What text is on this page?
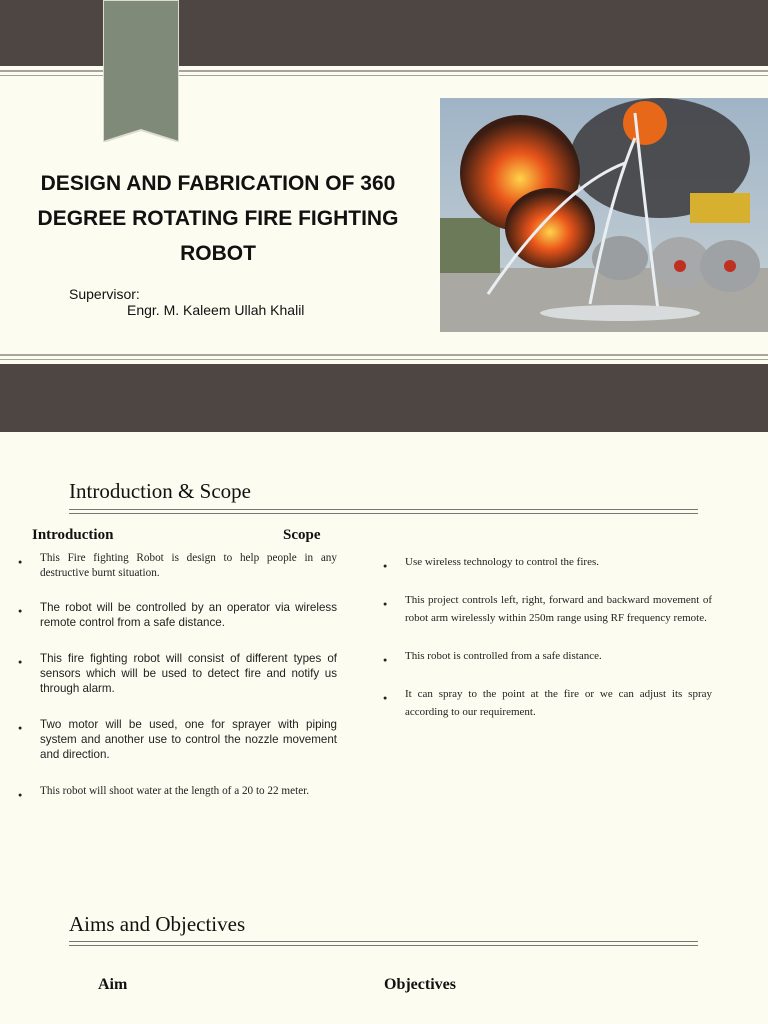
DESIGN AND FABRICATION OF 360 DEGREE ROTATING FIRE FIGHTING ROBOT
Supervisor:
Engr. M. Kaleem Ullah Khalil
Introduction & Scope
Introduction	Scope
● This Fire fighting Robot is design to help people in any destructive burnt situation.
● The robot will be controlled by an operator via wireless remote control from a safe distance.
● This fire fighting robot will consist of different types of sensors which will be used to detect fire and notify us through alarm.
● Two motor will be used, one for sprayer with piping system and another use to control the nozzle movement and direction.
● This robot will shoot water at the length of a 20 to 22 meter.
● Use wireless technology to control the fires.
● This project controls left, right, forward and backward movement of robot arm wirelessly within 250m range using RF frequency remote.
● This robot is controlled from a safe distance.
● It can spray to the point at the fire or we can adjust its spray according to our requirement.
Aims and Objectives
Aim	Objectives
